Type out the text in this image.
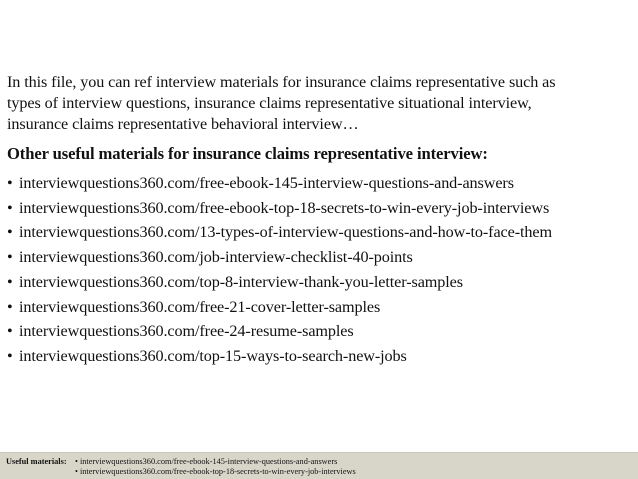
In this file, you can ref interview materials for insurance claims representative such as
types of interview questions, insurance claims representative situational interview,
insurance claims representative behavioral interview…

Other useful materials for insurance claims representative interview:
• interviewquestions360.com/free-ebook-145-interview-questions-and-answers
• interviewquestions360.com/free-ebook-top-18-secrets-to-win-every-job-interviews
• interviewquestions360.com/13-types-of-interview-questions-and-how-to-face-them
• interviewquestions360.com/job-interview-checklist-40-points
• interviewquestions360.com/top-8-interview-thank-you-letter-samples
• interviewquestions360.com/free-21-cover-letter-samples
• interviewquestions360.com/free-24-resume-samples
• interviewquestions360.com/top-15-ways-to-search-new-jobs
Useful materials: • interviewquestions360.com/free-ebook-145-interview-questions-and-answers
• interviewquestions360.com/free-ebook-top-18-secrets-to-win-every-job-interviews
